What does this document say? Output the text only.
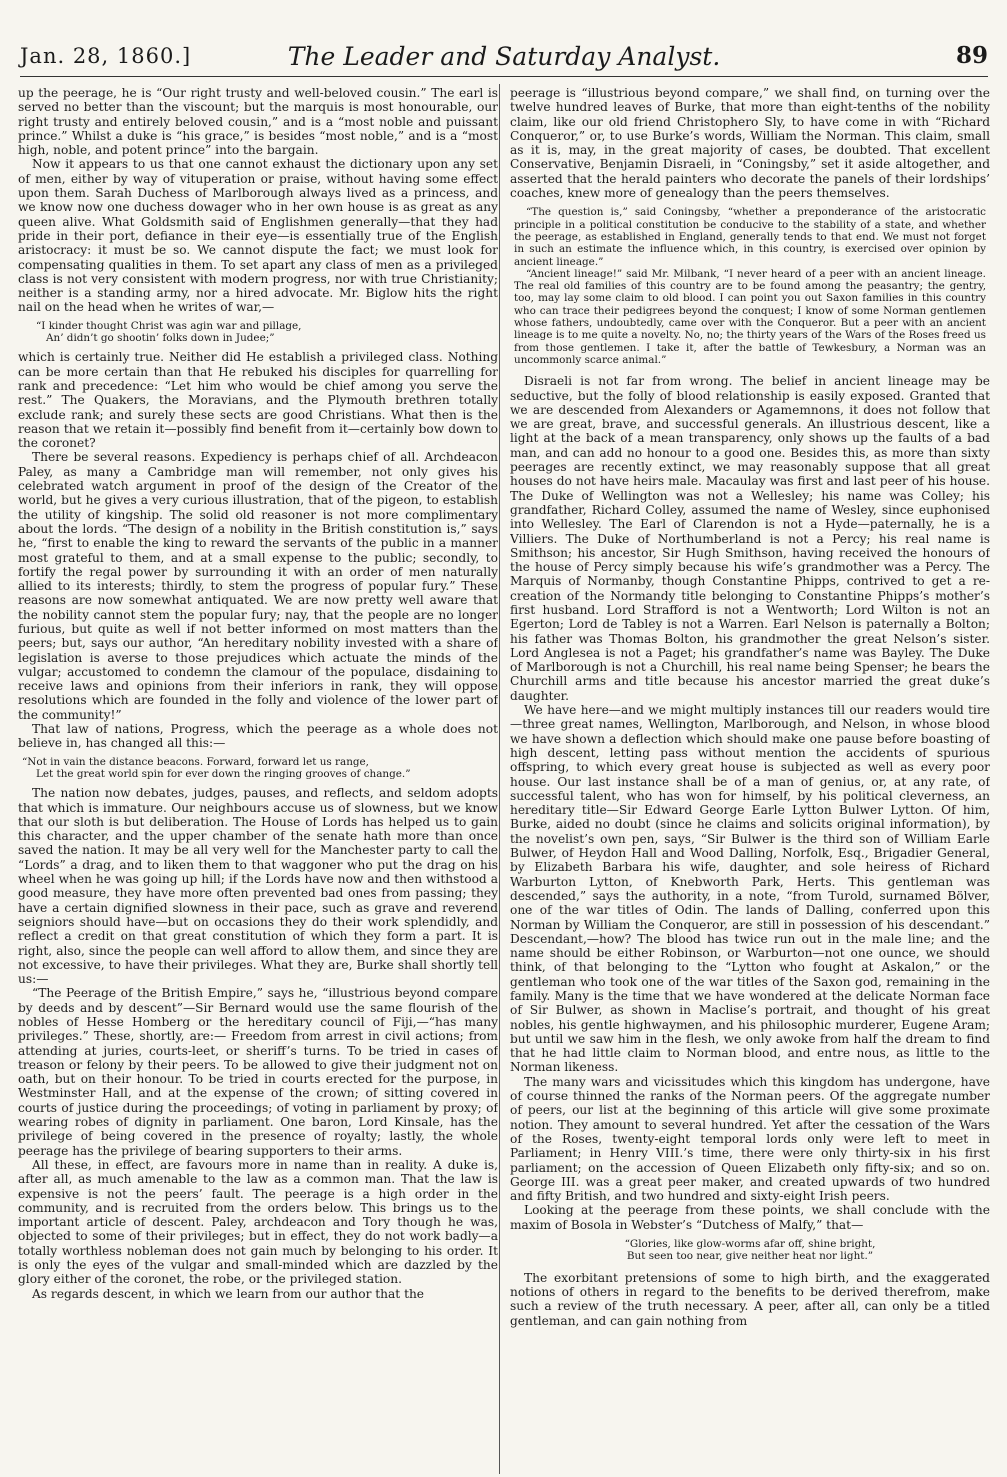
Jan. 28, 1860.]	The Leader and Saturday Analyst.	89

up the peerage, he is “Our right trusty and well-beloved cousin.” The earl is served no better than the viscount; but the marquis is most honourable, our right trusty and entirely beloved cousin,” and is a “most noble and puissant prince.” Whilst a duke is “his grace,” is besides “most noble,” and is a “most high, noble, and potent prince” into the bargain.

Now it appears to us that one cannot exhaust the dictionary upon any set of men, either by way of vituperation or praise, without having some effect upon them. Sarah Duchess of Marlborough always lived as a princess, and we know now one duchess dowager who in her own house is as great as any queen alive. What Goldsmith said of Englishmen generally—that they had pride in their port, defiance in their eye—is essentially true of the English aristocracy: it must be so. We cannot dispute the fact; we must look for compensating qualities in them. To set apart any class of men as a privileged class is not very consistent with modern progress, nor with true Christianity; neither is a standing army, nor a hired advocate. Mr. Biglow hits the right nail on the head when he writes of war,—

“I kinder thought Christ was agin war and pillage,
An’ didn’t go shootin’ folks down in Judee;”

which is certainly true. Neither did He establish a privileged class. Nothing can be more certain than that He rebuked his disciples for quarrelling for rank and precedence: “Let him who would be chief among you serve the rest.” The Quakers, the Moravians, and the Plymouth brethren totally exclude rank; and surely these sects are good Christians. What then is the reason that we retain it—possibly find benefit from it—certainly bow down to the coronet?

There be several reasons. Expediency is perhaps chief of all. Archdeacon Paley, as many a Cambridge man will remember, not only gives his celebrated watch argument in proof of the design of the Creator of the world, but he gives a very curious illustration, that of the pigeon, to establish the utility of kingship. The solid old reasoner is not more complimentary about the lords. “The design of a nobility in the British constitution is,” says he, “first to enable the king to reward the servants of the public in a manner most grateful to them, and at a small expense to the public; secondly, to fortify the regal power by surrounding it with an order of men naturally allied to its interests; thirdly, to stem the progress of popular fury.” These reasons are now somewhat antiquated. We are now pretty well aware that the nobility cannot stem the popular fury; nay, that the people are no longer furious, but quite as well if not better informed on most matters than the peers; but, says our author, “An hereditary nobility invested with a share of legislation is averse to those prejudices which actuate the minds of the vulgar; accustomed to condemn the clamour of the populace, disdaining to receive laws and opinions from their inferiors in rank, they will oppose resolutions which are founded in the folly and violence of the lower part of the community!”

That law of nations, Progress, which the peerage as a whole does not believe in, has changed all this:—

“Not in vain the distance beacons. Forward, forward let us range,
Let the great world spin for ever down the ringing grooves of change.”

The nation now debates, judges, pauses, and reflects, and seldom adopts that which is immature. Our neighbours accuse us of slowness, but we know that our sloth is but deliberation. The House of Lords has helped us to gain this character, and the upper chamber of the senate hath more than once saved the nation. It may be all very well for the Manchester party to call the “Lords” a drag, and to liken them to that waggoner who put the drag on his wheel when he was going up hill; if the Lords have now and then withstood a good measure, they have more often prevented bad ones from passing; they have a certain dignified slowness in their pace, such as grave and reverend seigniors should have—but on occasions they do their work splendidly, and reflect a credit on that great constitution of which they form a part. It is right, also, since the people can well afford to allow them, and since they are not excessive, to have their privileges. What they are, Burke shall shortly tell us:—

“The Peerage of the British Empire,” says he, “illustrious beyond compare by deeds and by descent”—Sir Bernard would use the same flourish of the nobles of Hesse Homberg or the hereditary council of Fiji,—“has many privileges.” These, shortly, are:— Freedom from arrest in civil actions; from attending at juries, courts-leet, or sheriff’s turns. To be tried in cases of treason or felony by their peers. To be allowed to give their judgment not on oath, but on their honour. To be tried in courts erected for the purpose, in Westminster Hall, and at the expense of the crown; of sitting covered in courts of justice during the proceedings; of voting in parliament by proxy; of wearing robes of dignity in parliament. One baron, Lord Kinsale, has the privilege of being covered in the presence of royalty; lastly, the whole peerage has the privilege of bearing supporters to their arms.

All these, in effect, are favours more in name than in reality. A duke is, after all, as much amenable to the law as a common man. That the law is expensive is not the peers’ fault. The peerage is a high order in the community, and is recruited from the orders below. This brings us to the important article of descent. Paley, archdeacon and Tory though he was, objected to some of their privileges; but in effect, they do not work badly—a totally worthless nobleman does not gain much by belonging to his order. It is only the eyes of the vulgar and small-minded which are dazzled by the glory either of the coronet, the robe, or the privileged station.

As regards descent, in which we learn from our author that the

peerage is “illustrious beyond compare,” we shall find, on turning over the twelve hundred leaves of Burke, that more than eight-tenths of the nobility claim, like our old friend Christophero Sly, to have come in with “Richard Conqueror,” or, to use Burke’s words, William the Norman. This claim, small as it is, may, in the great majority of cases, be doubted. That excellent Conservative, Benjamin Disraeli, in “Coningsby,” set it aside altogether, and asserted that the herald painters who decorate the panels of their lordships’ coaches, knew more of genealogy than the peers themselves.

“The question is,” said Coningsby, “whether a preponderance of the aristocratic principle in a political constitution be conducive to the stability of a state, and whether the peerage, as established in England, generally tends to that end. We must not forget in such an estimate the influence which, in this country, is exercised over opinion by ancient lineage.”

“Ancient lineage!” said Mr. Milbank, “I never heard of a peer with an ancient lineage. The real old families of this country are to be found among the peasantry; the gentry, too, may lay some claim to old blood. I can point you out Saxon families in this country who can trace their pedigrees beyond the conquest; I know of some Norman gentlemen whose fathers, undoubtedly, came over with the Conqueror. But a peer with an ancient lineage is to me quite a novelty. No, no; the thirty years of the Wars of the Roses freed us from those gentlemen. I take it, after the battle of Tewkesbury, a Norman was an uncommonly scarce animal.”

Disraeli is not far from wrong. The belief in ancient lineage may be seductive, but the folly of blood relationship is easily exposed. Granted that we are descended from Alexanders or Agamemnons, it does not follow that we are great, brave, and successful generals. An illustrious descent, like a light at the back of a mean transparency, only shows up the faults of a bad man, and can add no honour to a good one. Besides this, as more than sixty peerages are recently extinct, we may reasonably suppose that all great houses do not have heirs male. Macaulay was first and last peer of his house. The Duke of Wellington was not a Wellesley; his name was Colley; his grandfather, Richard Colley, assumed the name of Wesley, since euphonised into Wellesley. The Earl of Clarendon is not a Hyde—paternally, he is a Villiers. The Duke of Northumberland is not a Percy; his real name is Smithson; his ancestor, Sir Hugh Smithson, having received the honours of the house of Percy simply because his wife’s grandmother was a Percy. The Marquis of Normanby, though Constantine Phipps, contrived to get a re-creation of the Normandy title belonging to Constantine Phipps’s mother’s first husband. Lord Strafford is not a Wentworth; Lord Wilton is not an Egerton; Lord de Tabley is not a Warren. Earl Nelson is paternally a Bolton; his father was Thomas Bolton, his grandmother the great Nelson’s sister. Lord Anglesea is not a Paget; his grandfather’s name was Bayley. The Duke of Marlborough is not a Churchill, his real name being Spenser; he bears the Churchill arms and title because his ancestor married the great duke’s daughter.

We have here—and we might multiply instances till our readers would tire—three great names, Wellington, Marlborough, and Nelson, in whose blood we have shown a deflection which should make one pause before boasting of high descent, letting pass without mention the accidents of spurious offspring, to which every great house is subjected as well as every poor house. Our last instance shall be of a man of genius, or, at any rate, of successful talent, who has won for himself, by his political cleverness, an hereditary title—Sir Edward George Earle Lytton Bulwer Lytton. Of him, Burke, aided no doubt (since he claims and solicits original information), by the novelist’s own pen, says, “Sir Bulwer is the third son of William Earle Bulwer, of Heydon Hall and Wood Dalling, Norfolk, Esq., Brigadier General, by Elizabeth Barbara his wife, daughter, and sole heiress of Richard Warburton Lytton, of Knebworth Park, Herts. This gentleman was descended,” says the authority, in a note, “from Turold, surnamed Bölver, one of the war titles of Odin. The lands of Dalling, conferred upon this Norman by William the Conqueror, are still in possession of his descendant.” Descendant,—how? The blood has twice run out in the male line; and the name should be either Robinson, or Warburton—not one ounce, we should think, of that belonging to the “Lytton who fought at Askalon,” or the gentleman who took one of the war titles of the Saxon god, remaining in the family. Many is the time that we have wondered at the delicate Norman face of Sir Bulwer, as shown in Maclise’s portrait, and thought of his great nobles, his gentle highwaymen, and his philosophic murderer, Eugene Aram; but until we saw him in the flesh, we only awoke from half the dream to find that he had little claim to Norman blood, and entre nous, as little to the Norman likeness.

The many wars and vicissitudes which this kingdom has undergone, have of course thinned the ranks of the Norman peers. Of the aggregate number of peers, our list at the beginning of this article will give some proximate notion. They amount to several hundred. Yet after the cessation of the Wars of the Roses, twenty-eight temporal lords only were left to meet in Parliament; in Henry VIII.’s time, there were only thirty-six in his first parliament; on the accession of Queen Elizabeth only fifty-six; and so on. George III. was a great peer maker, and created upwards of two hundred and fifty British, and two hundred and sixty-eight Irish peers.

Looking at the peerage from these points, we shall conclude with the maxim of Bosola in Webster’s “Dutchess of Malfy,” that—

“Glories, like glow-worms afar off, shine bright,
But seen too near, give neither heat nor light.”

The exorbitant pretensions of some to high birth, and the exaggerated notions of others in regard to the benefits to be derived therefrom, make such a review of the truth necessary. A peer, after all, can only be a titled gentleman, and can gain nothing from
